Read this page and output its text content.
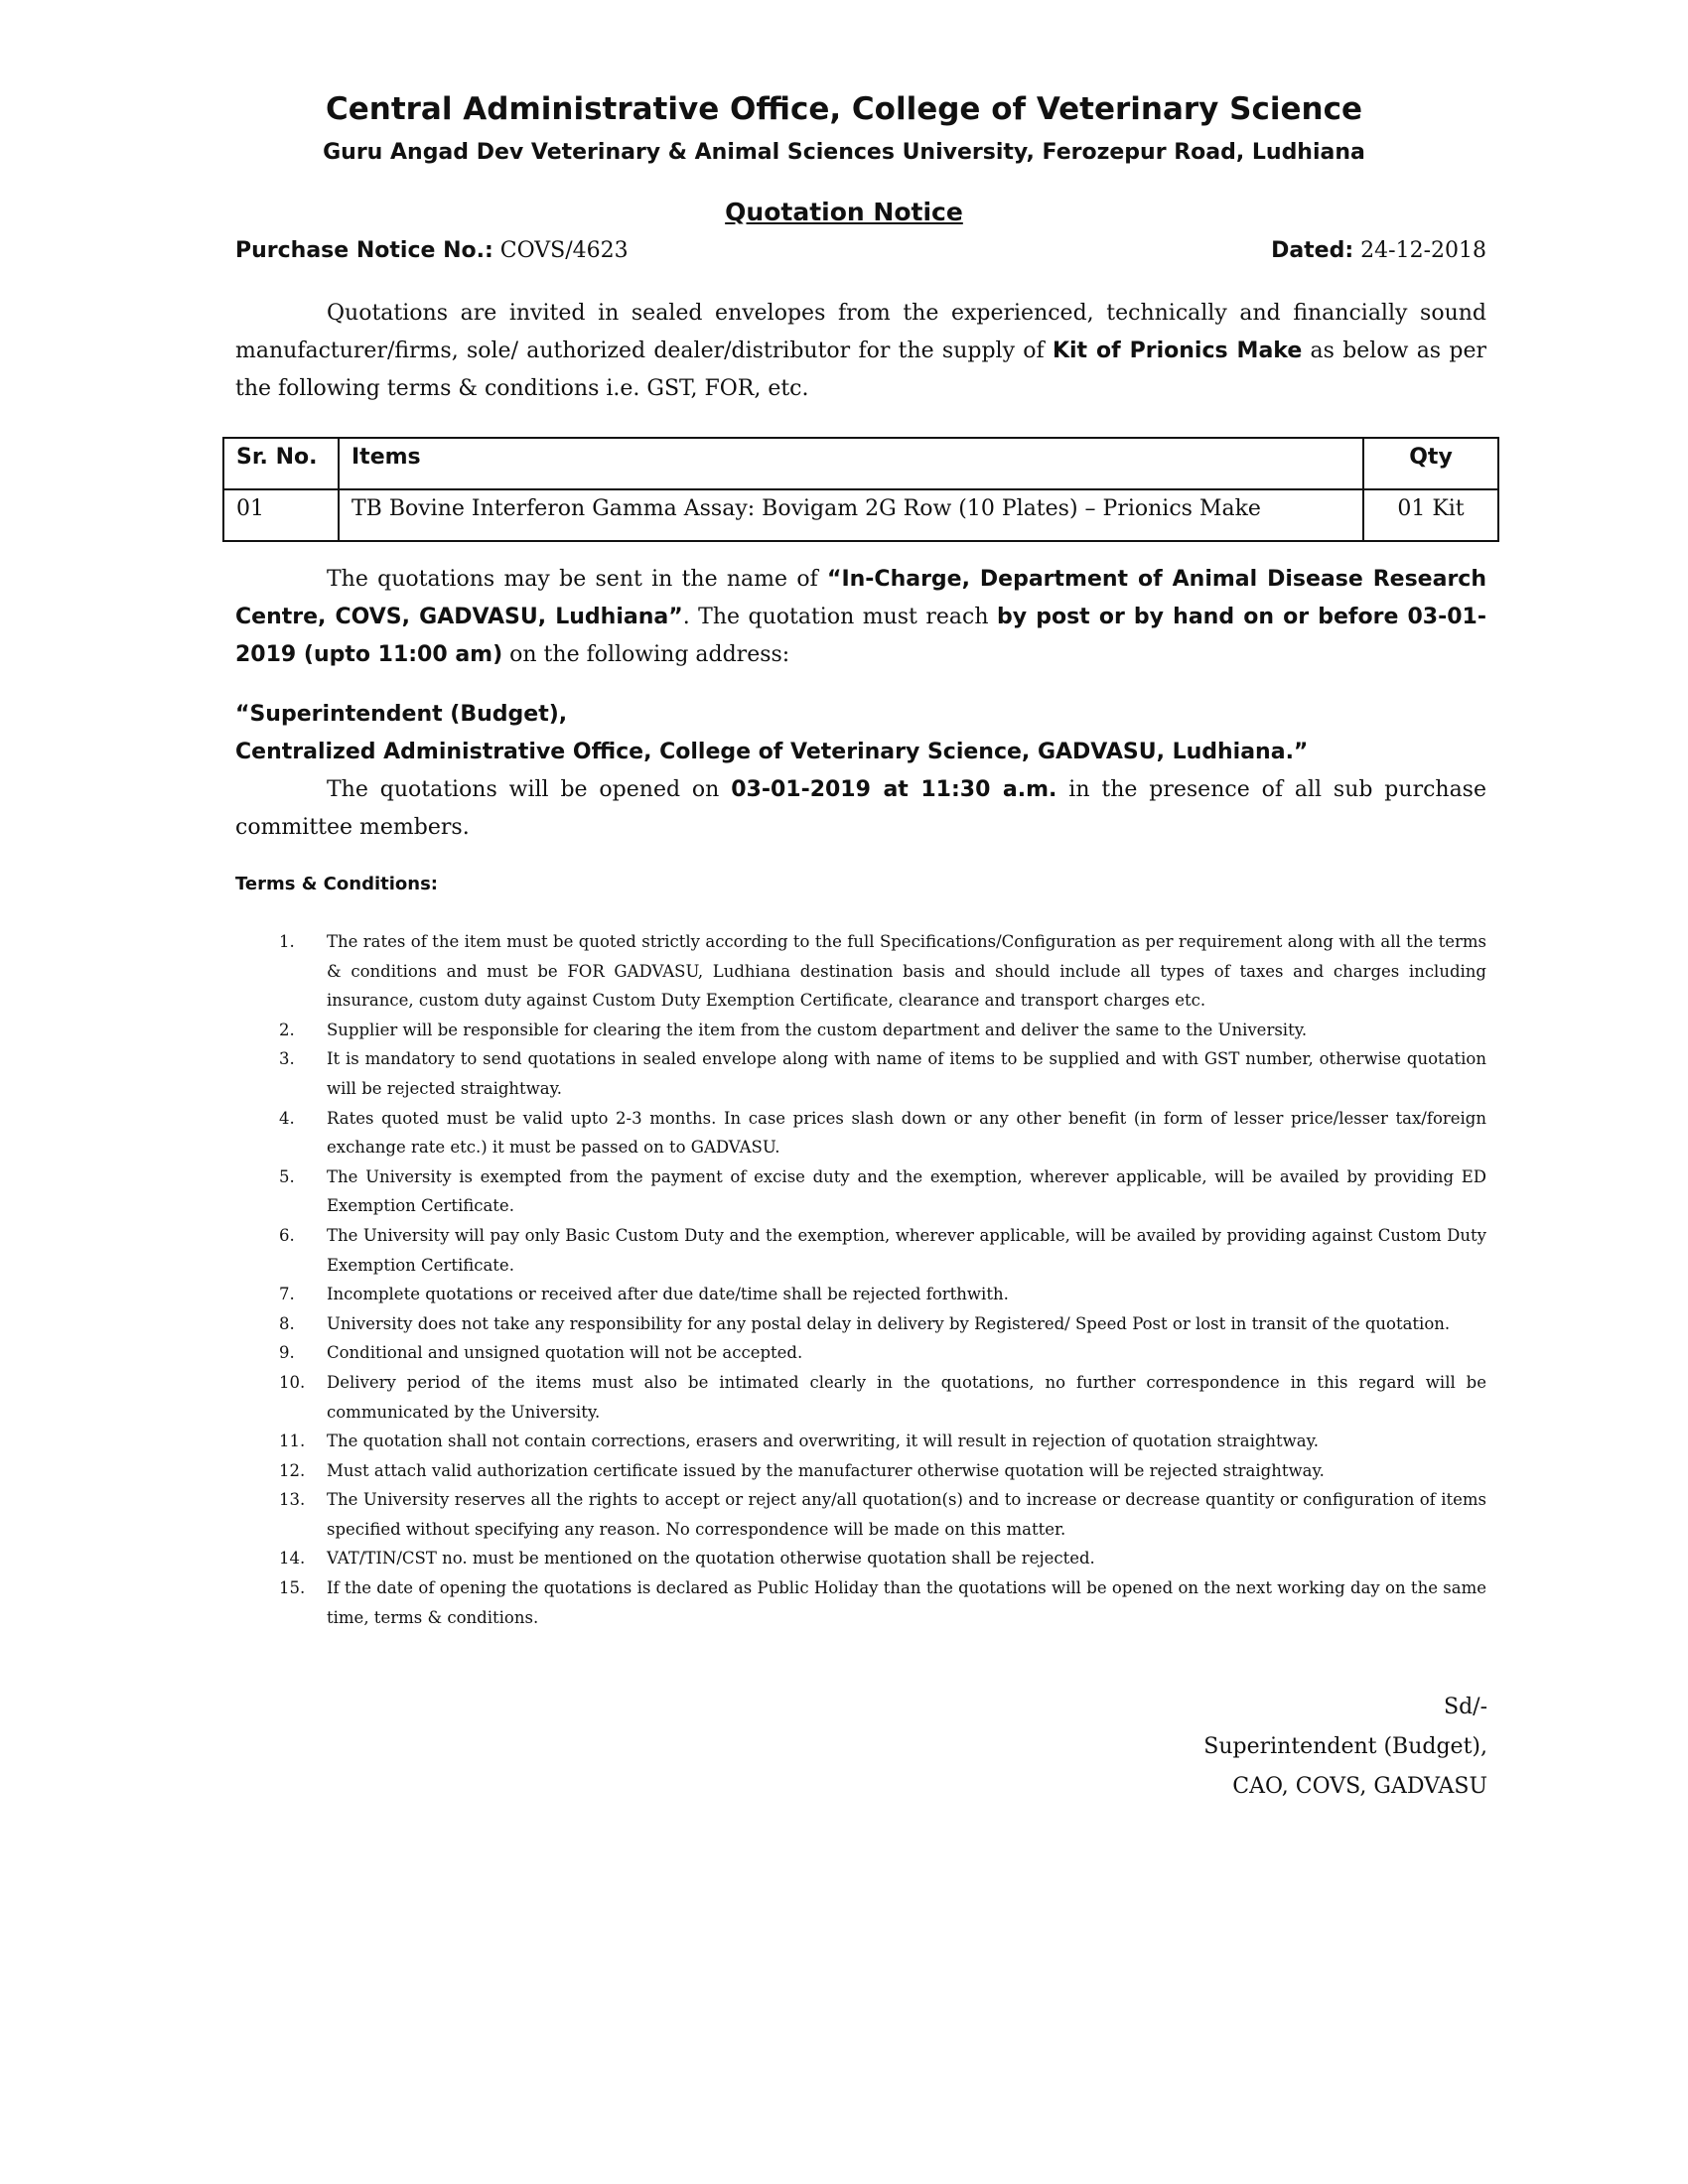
Central Administrative Office, College of Veterinary Science
Guru Angad Dev Veterinary & Animal Sciences University, Ferozepur Road, Ludhiana
Quotation Notice
Purchase Notice No.: COVS/4623	Dated: 24-12-2018
Quotations are invited in sealed envelopes from the experienced, technically and financially sound manufacturer/firms, sole/ authorized dealer/distributor for the supply of Kit of Prionics Make as below as per the following terms & conditions i.e. GST, FOR, etc.
Sr. No.	Items	Qty
01	TB Bovine Interferon Gamma Assay: Bovigam 2G Row (10 Plates) – Prionics Make	01 Kit
The quotations may be sent in the name of “In-Charge, Department of Animal Disease Research Centre, COVS, GADVASU, Ludhiana”. The quotation must reach by post or by hand on or before 03-01-2019 (upto 11:00 am) on the following address:
“Superintendent (Budget),
Centralized Administrative Office, College of Veterinary Science, GADVASU, Ludhiana.”
The quotations will be opened on 03-01-2019 at 11:30 a.m. in the presence of all sub purchase committee members.
Terms & Conditions:
1. The rates of the item must be quoted strictly according to the full Specifications/Configuration as per requirement along with all the terms & conditions and must be FOR GADVASU, Ludhiana destination basis and should include all types of taxes and charges including insurance, custom duty against Custom Duty Exemption Certificate, clearance and transport charges etc.
2. Supplier will be responsible for clearing the item from the custom department and deliver the same to the University.
3. It is mandatory to send quotations in sealed envelope along with name of items to be supplied and with GST number, otherwise quotation will be rejected straightway.
4. Rates quoted must be valid upto 2-3 months. In case prices slash down or any other benefit (in form of lesser price/lesser tax/foreign exchange rate etc.) it must be passed on to GADVASU.
5. The University is exempted from the payment of excise duty and the exemption, wherever applicable, will be availed by providing ED Exemption Certificate.
6. The University will pay only Basic Custom Duty and the exemption, wherever applicable, will be availed by providing against Custom Duty Exemption Certificate.
7. Incomplete quotations or received after due date/time shall be rejected forthwith.
8. University does not take any responsibility for any postal delay in delivery by Registered/ Speed Post or lost in transit of the quotation.
9. Conditional and unsigned quotation will not be accepted.
10. Delivery period of the items must also be intimated clearly in the quotations, no further correspondence in this regard will be communicated by the University.
11. The quotation shall not contain corrections, erasers and overwriting, it will result in rejection of quotation straightway.
12. Must attach valid authorization certificate issued by the manufacturer otherwise quotation will be rejected straightway.
13. The University reserves all the rights to accept or reject any/all quotation(s) and to increase or decrease quantity or configuration of items specified without specifying any reason. No correspondence will be made on this matter.
14. VAT/TIN/CST no. must be mentioned on the quotation otherwise quotation shall be rejected.
15. If the date of opening the quotations is declared as Public Holiday than the quotations will be opened on the next working day on the same time, terms & conditions.
Sd/-
Superintendent (Budget),
CAO, COVS, GADVASU
